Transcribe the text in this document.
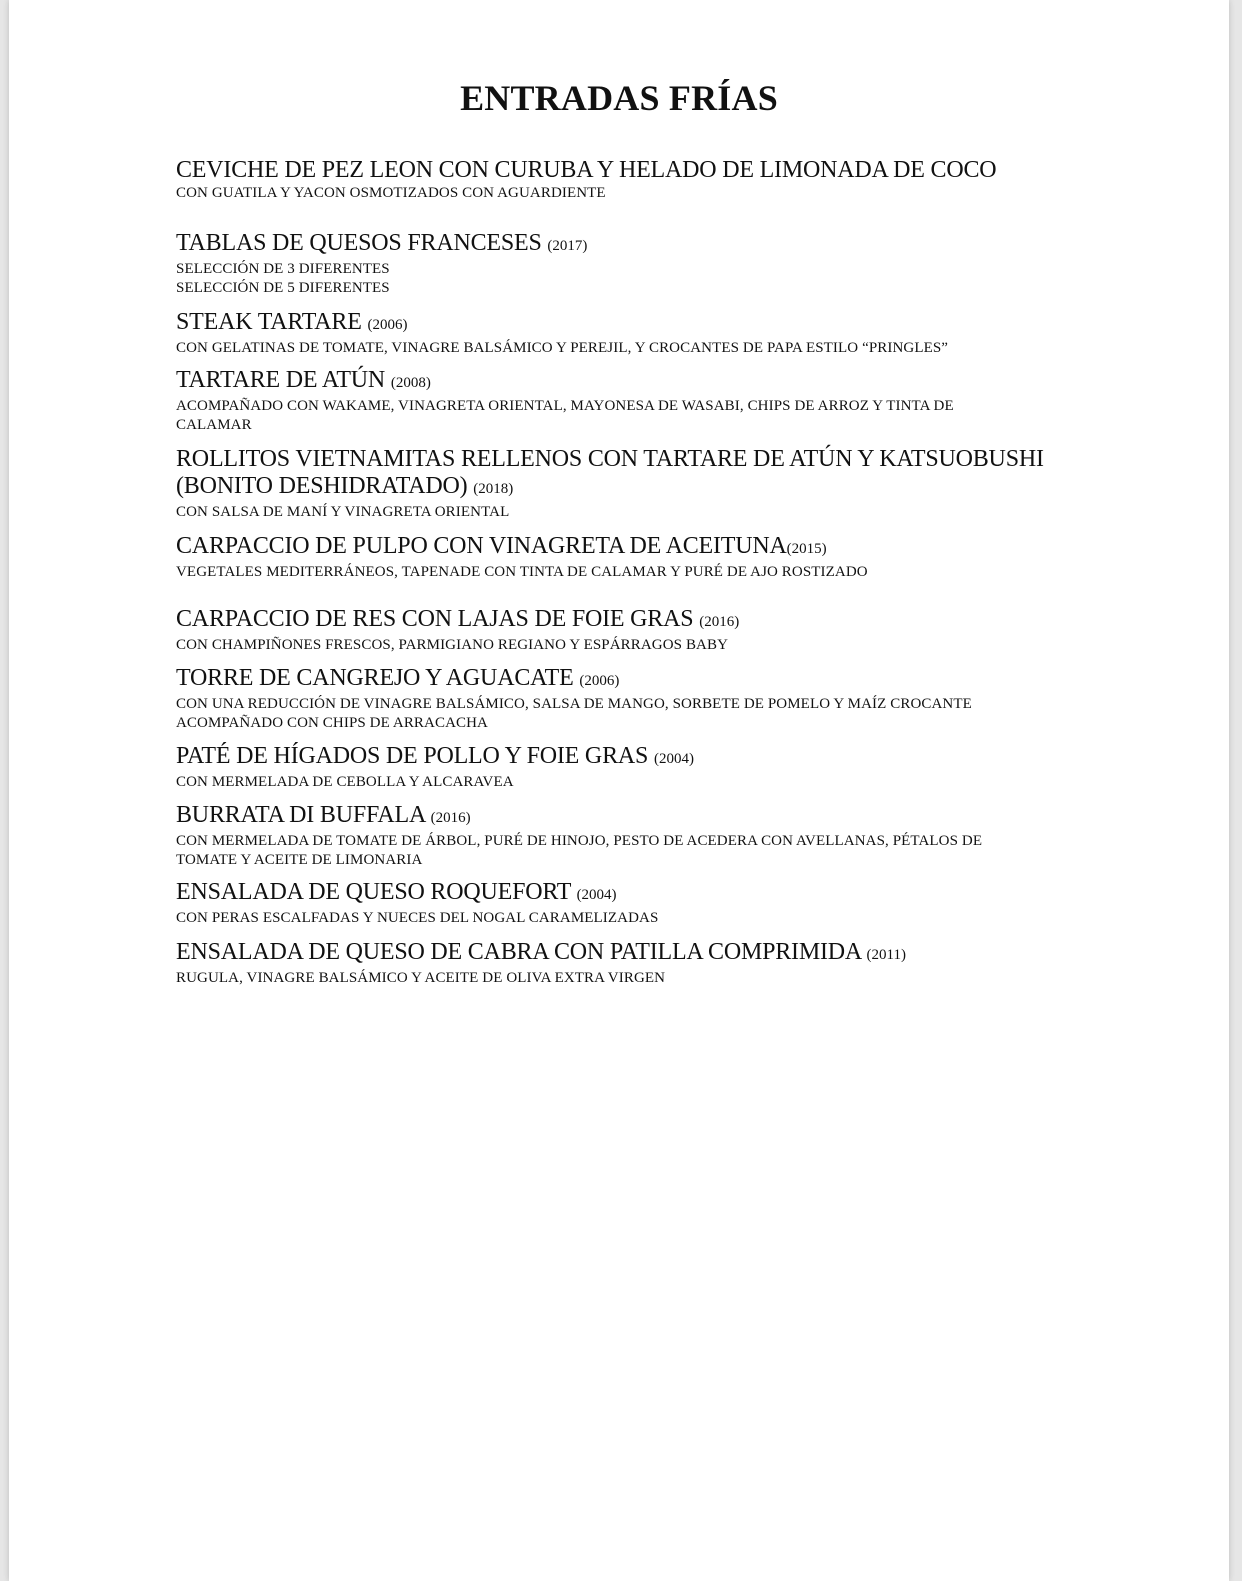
ENTRADAS FRÍAS
CEVICHE DE PEZ LEON CON CURUBA Y HELADO DE LIMONADA DE COCO
CON GUATILA Y YACON OSMOTIZADOS CON AGUARDIENTE
TABLAS DE QUESOS FRANCESES (2017)
SELECCIÓN DE 3 DIFERENTES
SELECCIÓN DE 5 DIFERENTES
STEAK TARTARE (2006)
CON GELATINAS DE TOMATE, VINAGRE BALSÁMICO Y PEREJIL, Y CROCANTES DE PAPA ESTILO “PRINGLES”
TARTARE DE ATÚN (2008)
ACOMPAÑADO CON WAKAME, VINAGRETA ORIENTAL, MAYONESA DE WASABI, CHIPS DE ARROZ Y TINTA DE
CALAMAR
ROLLITOS VIETNAMITAS RELLENOS CON TARTARE DE ATÚN Y KATSUOBUSHI
(BONITO DESHIDRATADO) (2018)
CON SALSA DE MANÍ Y VINAGRETA ORIENTAL
CARPACCIO DE PULPO CON VINAGRETA DE ACEITUNA(2015)
VEGETALES MEDITERRÁNEOS, TAPENADE CON TINTA DE CALAMAR Y PURÉ DE AJO ROSTIZADO
CARPACCIO DE RES CON LAJAS DE FOIE GRAS (2016)
CON CHAMPIÑONES FRESCOS, PARMIGIANO REGIANO Y ESPÁRRAGOS BABY
TORRE DE CANGREJO Y AGUACATE (2006)
CON UNA REDUCCIÓN DE VINAGRE BALSÁMICO, SALSA DE MANGO, SORBETE DE POMELO Y MAÍZ CROCANTE
ACOMPAÑADO CON CHIPS DE ARRACACHA
PATÉ DE HÍGADOS DE POLLO Y FOIE GRAS (2004)
CON MERMELADA DE CEBOLLA Y ALCARAVEA
BURRATA DI BUFFALA (2016)
CON MERMELADA DE TOMATE DE ÁRBOL, PURÉ DE HINOJO, PESTO DE ACEDERA CON AVELLANAS, PÉTALOS DE
TOMATE Y ACEITE DE LIMONARIA
ENSALADA DE QUESO ROQUEFORT (2004)
CON PERAS ESCALFADAS Y NUECES DEL NOGAL CARAMELIZADAS
ENSALADA DE QUESO DE CABRA CON PATILLA COMPRIMIDA (2011)
RUGULA, VINAGRE BALSÁMICO Y ACEITE DE OLIVA EXTRA VIRGEN
